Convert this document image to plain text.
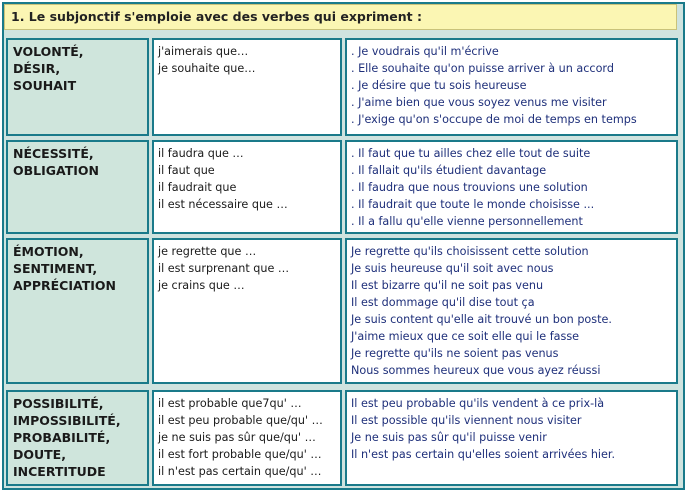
1. Le subjonctif s'emploie avec des verbes qui expriment :
VOLONTÉ,
DÉSIR,
SOUHAIT
j'aimerais que…
je souhaite que…
. Je voudrais qu'il m'écrive
. Elle souhaite qu'on puisse arriver à un accord
. Je désire que tu sois heureuse
. J'aime bien que vous soyez venus me visiter
. J'exige qu'on s'occupe de moi de temps en temps
NÉCESSITÉ,
OBLIGATION
il faudra que …
il faut que
il faudrait que
il est nécessaire que …
. Il faut que tu ailles chez elle tout de suite
. Il fallait qu'ils étudient davantage
. Il faudra que nous trouvions une solution
. Il faudrait que toute le monde choisisse ...
. Il a fallu qu'elle vienne personnellement
ÉMOTION,
SENTIMENT,
APPRÉCIATION
je regrette que …
il est surprenant que …
je crains que …
Je regrette qu'ils choisissent cette solution
Je suis heureuse qu'il soit avec nous
Il est bizarre qu'il ne soit pas venu
Il est dommage qu'il dise tout ça
Je suis content qu'elle ait trouvé un bon poste.
J'aime mieux que ce soit elle qui le fasse
Je regrette qu'ils ne soient pas venus
Nous sommes heureux que vous ayez réussi
POSSIBILITÉ,
IMPOSSIBILITÉ,
PROBABILITÉ,
DOUTE,
INCERTITUDE
il est probable que7qu' …
il est peu probable que/qu' …
je ne suis pas sûr que/qu' …
il est fort probable que/qu' …
il n'est pas certain que/qu' …
Il est peu probable qu'ils vendent à ce prix-là
Il est possible qu'ils viennent nous visiter
Je ne suis pas sûr qu'il puisse venir
Il n'est pas certain qu'elles soient arrivées hier.
